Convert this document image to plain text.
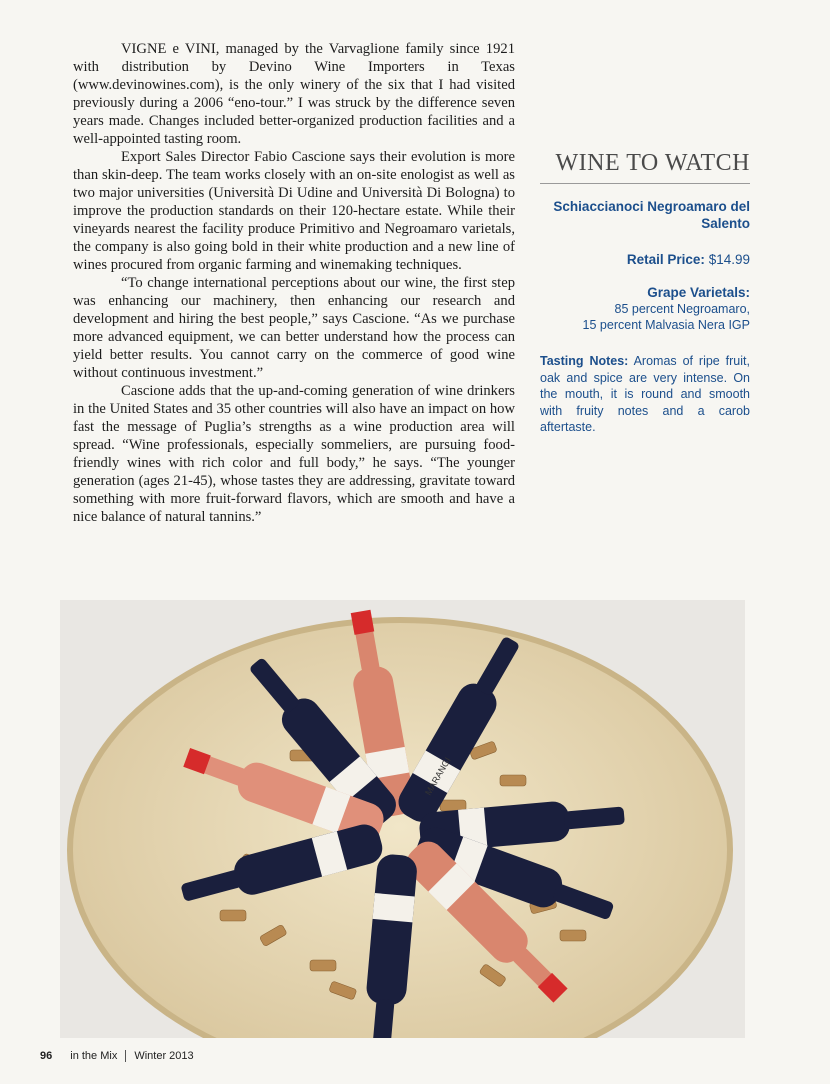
VIGNE e VINI, managed by the Varvaglione family since 1921 with distribution by Devino Wine Importers in Texas (www.devinowines.com), is the only winery of the six that I had visited previously during a 2006 “eno-tour.” I was struck by the difference seven years made. Changes included better-organized production facilities and a well-appointed tasting room.

Export Sales Director Fabio Cascione says their evolution is more than skin-deep. The team works closely with an on-site enologist as well as two major universities (Università Di Udine and Università Di Bologna) to improve the production standards on their 120-hectare estate. While their vineyards nearest the facility produce Primitivo and Negroamaro varietals, the company is also going bold in their white production and a new line of wines procured from organic farming and winemaking techniques.

“To change international perceptions about our wine, the first step was enhancing our machinery, then enhancing our research and development and hiring the best people,” says Cascione. “As we purchase more advanced equipment, we can better understand how the process can yield better results. You cannot carry on the commerce of good wine without continuous investment.”

Cascione adds that the up-and-coming generation of wine drinkers in the United States and 35 other countries will also have an impact on how fast the message of Puglia’s strengths as a wine production area will spread. “Wine professionals, especially sommeliers, are pursuing food-friendly wines with rich color and full body,” he says. “The younger generation (ages 21-45), whose tastes they are addressing, gravitate toward something with more fruit-forward flavors, which are smooth and have a nice balance of natural tannins.”

WINE TO WATCH
Schiaccianoci Negroamaro del Salento
Retail Price: $14.99
Grape Varietals:
85 percent Negroamaro,
15 percent Malvasia Nera IGP
Tasting Notes: Aromas of ripe fruit, oak and spice are very intense. On the mouth, it is round and smooth with fruity notes and a carob aftertaste.
MARANGI
96 in the Mix Winter 2013
